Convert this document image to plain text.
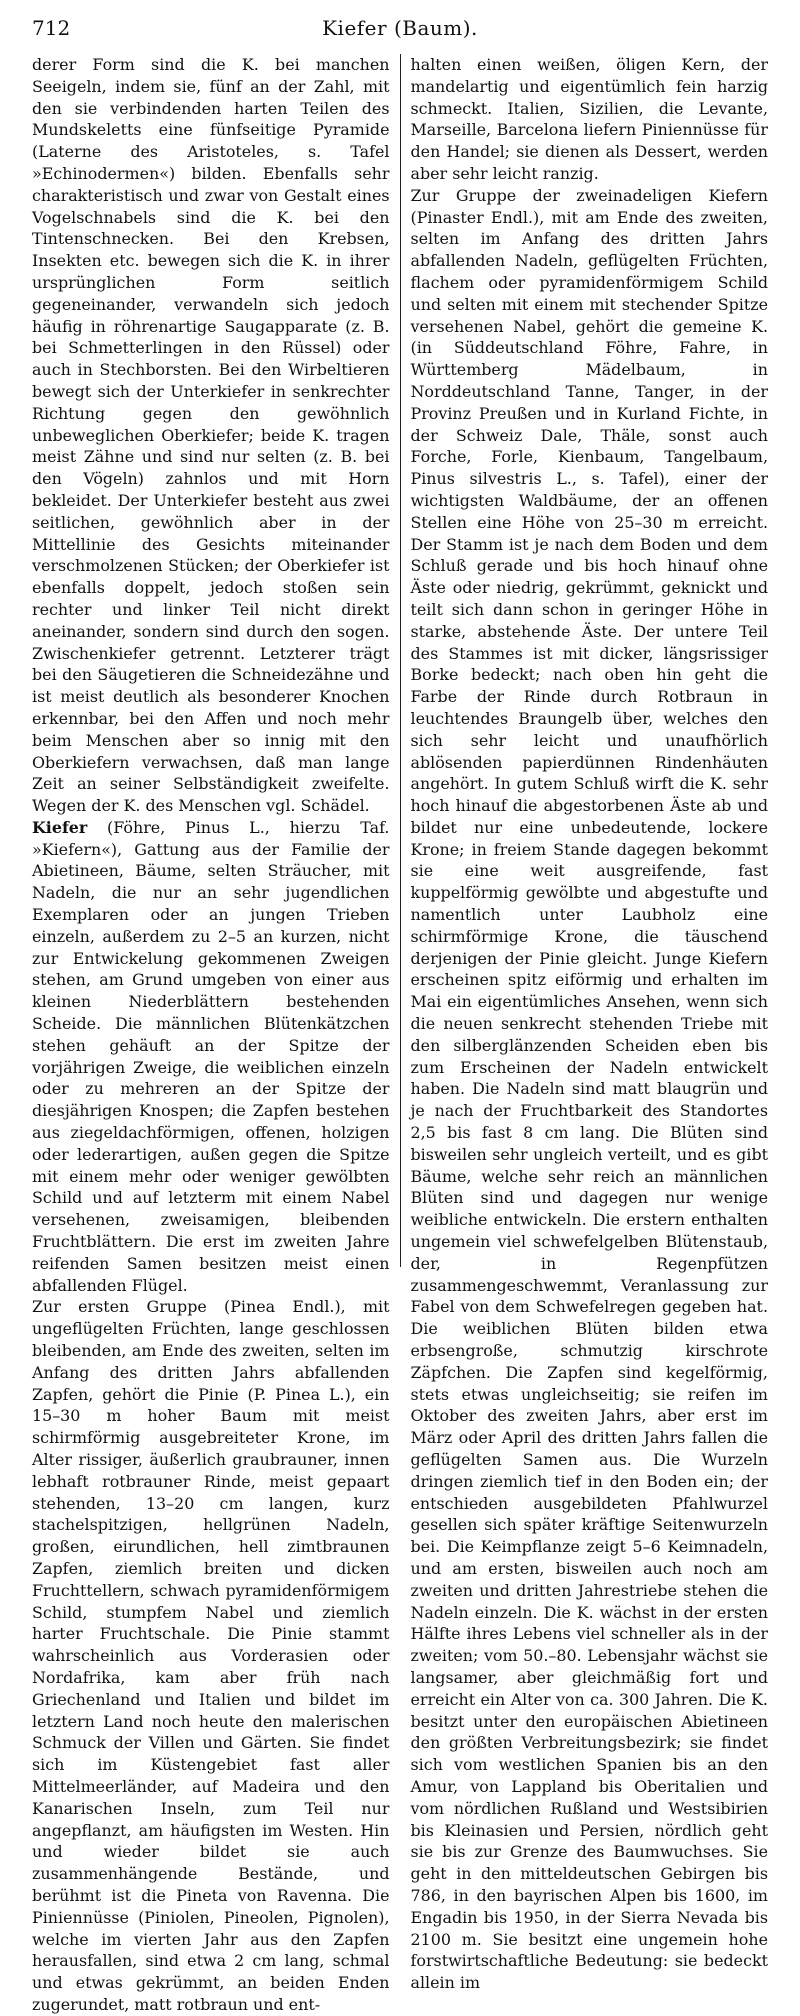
712	Kiefer (Baum).

derer Form sind die K. bei manchen Seeigeln, indem sie, fünf an der Zahl, mit den sie verbindenden harten Teilen des Mundskeletts eine fünfseitige Pyramide (Laterne des Aristoteles, s. Tafel »Echinodermen«) bilden. Ebenfalls sehr charakteristisch und zwar von Gestalt eines Vogelschnabels sind die K. bei den Tintenschnecken. Bei den Krebsen, Insekten etc. bewegen sich die K. in ihrer ursprünglichen Form seitlich gegeneinander, verwandeln sich jedoch häufig in röhrenartige Saugapparate (z. B. bei Schmetterlingen in den Rüssel) oder auch in Stechborsten. Bei den Wirbeltieren bewegt sich der Unterkiefer in senkrechter Richtung gegen den gewöhnlich unbeweglichen Oberkiefer; beide K. tragen meist Zähne und sind nur selten (z. B. bei den Vögeln) zahnlos und mit Horn bekleidet. Der Unterkiefer besteht aus zwei seitlichen, gewöhnlich aber in der Mittellinie des Gesichts miteinander verschmolzenen Stücken; der Oberkiefer ist ebenfalls doppelt, jedoch stoßen sein rechter und linker Teil nicht direkt aneinander, sondern sind durch den sogen. Zwischenkiefer getrennt. Letzterer trägt bei den Säugetieren die Schneidezähne und ist meist deutlich als besonderer Knochen erkennbar, bei den Affen und noch mehr beim Menschen aber so innig mit den Oberkiefern verwachsen, daß man lange Zeit an seiner Selbständigkeit zweifelte. Wegen der K. des Menschen vgl. Schädel.

Kiefer (Föhre, Pinus L., hierzu Taf. »Kiefern«), Gattung aus der Familie der Abietineen, Bäume, selten Sträucher, mit Nadeln, die nur an sehr jugendlichen Exemplaren oder an jungen Trieben einzeln, außerdem zu 2–5 an kurzen, nicht zur Entwickelung gekommenen Zweigen stehen, am Grund umgeben von einer aus kleinen Niederblättern bestehenden Scheide. Die männlichen Blütenkätzchen stehen gehäuft an der Spitze der vorjährigen Zweige, die weiblichen einzeln oder zu mehreren an der Spitze der diesjährigen Knospen; die Zapfen bestehen aus ziegeldachförmigen, offenen, holzigen oder lederartigen, außen gegen die Spitze mit einem mehr oder weniger gewölbten Schild und auf letzterm mit einem Nabel versehenen, zweisamigen, bleibenden Fruchtblättern. Die erst im zweiten Jahre reifenden Samen besitzen meist einen abfallenden Flügel.

Zur ersten Gruppe (Pinea Endl.), mit ungeflügelten Früchten, lange geschlossen bleibenden, am Ende des zweiten, selten im Anfang des dritten Jahrs abfallenden Zapfen, gehört die Pinie (P. Pinea L.), ein 15–30 m hoher Baum mit meist schirmförmig ausgebreiteter Krone, im Alter rissiger, äußerlich graubrauner, innen lebhaft rotbrauner Rinde, meist gepaart stehenden, 13–20 cm langen, kurz stachelspitzigen, hellgrünen Nadeln, großen, eirundlichen, hell zimtbraunen Zapfen, ziemlich breiten und dicken Fruchttellern, schwach pyramidenförmigem Schild, stumpfem Nabel und ziemlich harter Fruchtschale. Die Pinie stammt wahrscheinlich aus Vorderasien oder Nordafrika, kam aber früh nach Griechenland und Italien und bildet im letztern Land noch heute den malerischen Schmuck der Villen und Gärten. Sie findet sich im Küstengebiet fast aller Mittelmeerländer, auf Madeira und den Kanarischen Inseln, zum Teil nur angepflanzt, am häufigsten im Westen. Hin und wieder bildet sie auch zusammenhängende Bestände, und berühmt ist die Pineta von Ravenna. Die Piniennüsse (Piniolen, Pineolen, Pignolen), welche im vierten Jahr aus den Zapfen herausfallen, sind etwa 2 cm lang, schmal und etwas gekrümmt, an beiden Enden zugerundet, matt rotbraun und ent-

halten einen weißen, öligen Kern, der mandelartig und eigentümlich fein harzig schmeckt. Italien, Sizilien, die Levante, Marseille, Barcelona liefern Piniennüsse für den Handel; sie dienen als Dessert, werden aber sehr leicht ranzig.

Zur Gruppe der zweinadeligen Kiefern (Pinaster Endl.), mit am Ende des zweiten, selten im Anfang des dritten Jahrs abfallenden Nadeln, geflügelten Früchten, flachem oder pyramidenförmigem Schild und selten mit einem mit stechender Spitze versehenen Nabel, gehört die gemeine K. (in Süddeutschland Föhre, Fahre, in Württemberg Mädelbaum, in Norddeutschland Tanne, Tanger, in der Provinz Preußen und in Kurland Fichte, in der Schweiz Dale, Thäle, sonst auch Forche, Forle, Kienbaum, Tangelbaum, Pinus silvestris L., s. Tafel), einer der wichtigsten Waldbäume, der an offenen Stellen eine Höhe von 25–30 m erreicht. Der Stamm ist je nach dem Boden und dem Schluß gerade und bis hoch hinauf ohne Äste oder niedrig, gekrümmt, geknickt und teilt sich dann schon in geringer Höhe in starke, abstehende Äste. Der untere Teil des Stammes ist mit dicker, längsrissiger Borke bedeckt; nach oben hin geht die Farbe der Rinde durch Rotbraun in leuchtendes Braungelb über, welches den sich sehr leicht und unaufhörlich ablösenden papierdünnen Rindenhäuten angehört. In gutem Schluß wirft die K. sehr hoch hinauf die abgestorbenen Äste ab und bildet nur eine unbedeutende, lockere Krone; in freiem Stande dagegen bekommt sie eine weit ausgreifende, fast kuppelförmig gewölbte und abgestufte und namentlich unter Laubholz eine schirmförmige Krone, die täuschend derjenigen der Pinie gleicht. Junge Kiefern erscheinen spitz eiförmig und erhalten im Mai ein eigentümliches Ansehen, wenn sich die neuen senkrecht stehenden Triebe mit den silberglänzenden Scheiden eben bis zum Erscheinen der Nadeln entwickelt haben. Die Nadeln sind matt blaugrün und je nach der Fruchtbarkeit des Standortes 2,5 bis fast 8 cm lang. Die Blüten sind bisweilen sehr ungleich verteilt, und es gibt Bäume, welche sehr reich an männlichen Blüten sind und dagegen nur wenige weibliche entwickeln. Die erstern enthalten ungemein viel schwefelgelben Blütenstaub, der, in Regenpfützen zusammengeschwemmt, Veranlassung zur Fabel von dem Schwefelregen gegeben hat. Die weiblichen Blüten bilden etwa erbsengroße, schmutzig kirschrote Zäpfchen. Die Zapfen sind kegelförmig, stets etwas ungleichseitig; sie reifen im Oktober des zweiten Jahrs, aber erst im März oder April des dritten Jahrs fallen die geflügelten Samen aus. Die Wurzeln dringen ziemlich tief in den Boden ein; der entschieden ausgebildeten Pfahlwurzel gesellen sich später kräftige Seitenwurzeln bei. Die Keimpflanze zeigt 5–6 Keimnadeln, und am ersten, bisweilen auch noch am zweiten und dritten Jahrestriebe stehen die Nadeln einzeln. Die K. wächst in der ersten Hälfte ihres Lebens viel schneller als in der zweiten; vom 50.–80. Lebensjahr wächst sie langsamer, aber gleichmäßig fort und erreicht ein Alter von ca. 300 Jahren. Die K. besitzt unter den europäischen Abietineen den größten Verbreitungsbezirk; sie findet sich vom westlichen Spanien bis an den Amur, von Lappland bis Oberitalien und vom nördlichen Rußland und Westsibirien bis Kleinasien und Persien, nördlich geht sie bis zur Grenze des Baumwuchses. Sie geht in den mitteldeutschen Gebirgen bis 786, in den bayrischen Alpen bis 1600, im Engadin bis 1950, in der Sierra Nevada bis 2100 m. Sie besitzt eine ungemein hohe forstwirtschaftliche Bedeutung: sie bedeckt allein im
